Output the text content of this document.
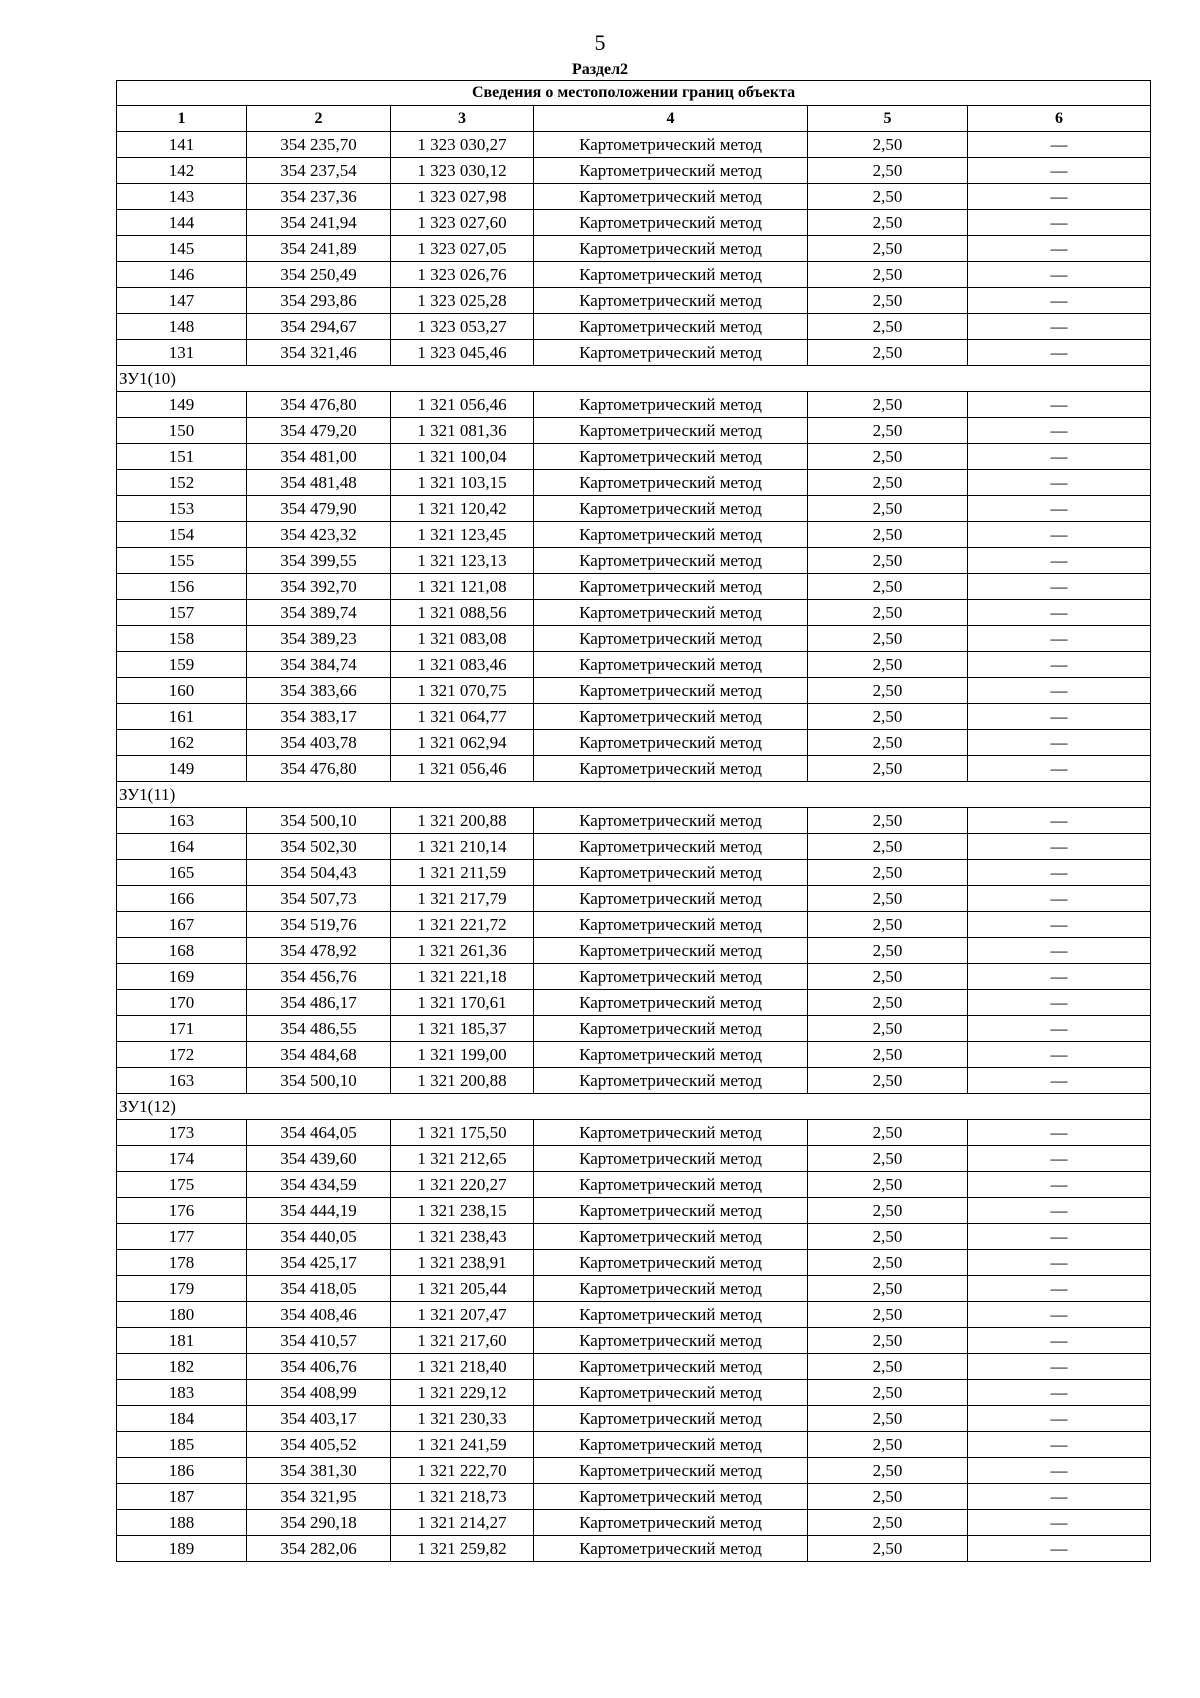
5
Раздел2
Сведения о местоположении границ объекта					
1	2	3	4	5	6
141	354 235,70	1 323 030,27	Картометрический метод	2,50	—
142	354 237,54	1 323 030,12	Картометрический метод	2,50	—
143	354 237,36	1 323 027,98	Картометрический метод	2,50	—
144	354 241,94	1 323 027,60	Картометрический метод	2,50	—
145	354 241,89	1 323 027,05	Картометрический метод	2,50	—
146	354 250,49	1 323 026,76	Картометрический метод	2,50	—
147	354 293,86	1 323 025,28	Картометрический метод	2,50	—
148	354 294,67	1 323 053,27	Картометрический метод	2,50	—
131	354 321,46	1 323 045,46	Картометрический метод	2,50	—
ЗУ1(10)					
149	354 476,80	1 321 056,46	Картометрический метод	2,50	—
150	354 479,20	1 321 081,36	Картометрический метод	2,50	—
151	354 481,00	1 321 100,04	Картометрический метод	2,50	—
152	354 481,48	1 321 103,15	Картометрический метод	2,50	—
153	354 479,90	1 321 120,42	Картометрический метод	2,50	—
154	354 423,32	1 321 123,45	Картометрический метод	2,50	—
155	354 399,55	1 321 123,13	Картометрический метод	2,50	—
156	354 392,70	1 321 121,08	Картометрический метод	2,50	—
157	354 389,74	1 321 088,56	Картометрический метод	2,50	—
158	354 389,23	1 321 083,08	Картометрический метод	2,50	—
159	354 384,74	1 321 083,46	Картометрический метод	2,50	—
160	354 383,66	1 321 070,75	Картометрический метод	2,50	—
161	354 383,17	1 321 064,77	Картометрический метод	2,50	—
162	354 403,78	1 321 062,94	Картометрический метод	2,50	—
149	354 476,80	1 321 056,46	Картометрический метод	2,50	—
ЗУ1(11)					
163	354 500,10	1 321 200,88	Картометрический метод	2,50	—
164	354 502,30	1 321 210,14	Картометрический метод	2,50	—
165	354 504,43	1 321 211,59	Картометрический метод	2,50	—
166	354 507,73	1 321 217,79	Картометрический метод	2,50	—
167	354 519,76	1 321 221,72	Картометрический метод	2,50	—
168	354 478,92	1 321 261,36	Картометрический метод	2,50	—
169	354 456,76	1 321 221,18	Картометрический метод	2,50	—
170	354 486,17	1 321 170,61	Картометрический метод	2,50	—
171	354 486,55	1 321 185,37	Картометрический метод	2,50	—
172	354 484,68	1 321 199,00	Картометрический метод	2,50	—
163	354 500,10	1 321 200,88	Картометрический метод	2,50	—
ЗУ1(12)					
173	354 464,05	1 321 175,50	Картометрический метод	2,50	—
174	354 439,60	1 321 212,65	Картометрический метод	2,50	—
175	354 434,59	1 321 220,27	Картометрический метод	2,50	—
176	354 444,19	1 321 238,15	Картометрический метод	2,50	—
177	354 440,05	1 321 238,43	Картометрический метод	2,50	—
178	354 425,17	1 321 238,91	Картометрический метод	2,50	—
179	354 418,05	1 321 205,44	Картометрический метод	2,50	—
180	354 408,46	1 321 207,47	Картометрический метод	2,50	—
181	354 410,57	1 321 217,60	Картометрический метод	2,50	—
182	354 406,76	1 321 218,40	Картометрический метод	2,50	—
183	354 408,99	1 321 229,12	Картометрический метод	2,50	—
184	354 403,17	1 321 230,33	Картометрический метод	2,50	—
185	354 405,52	1 321 241,59	Картометрический метод	2,50	—
186	354 381,30	1 321 222,70	Картометрический метод	2,50	—
187	354 321,95	1 321 218,73	Картометрический метод	2,50	—
188	354 290,18	1 321 214,27	Картометрический метод	2,50	—
189	354 282,06	1 321 259,82	Картометрический метод	2,50	—
